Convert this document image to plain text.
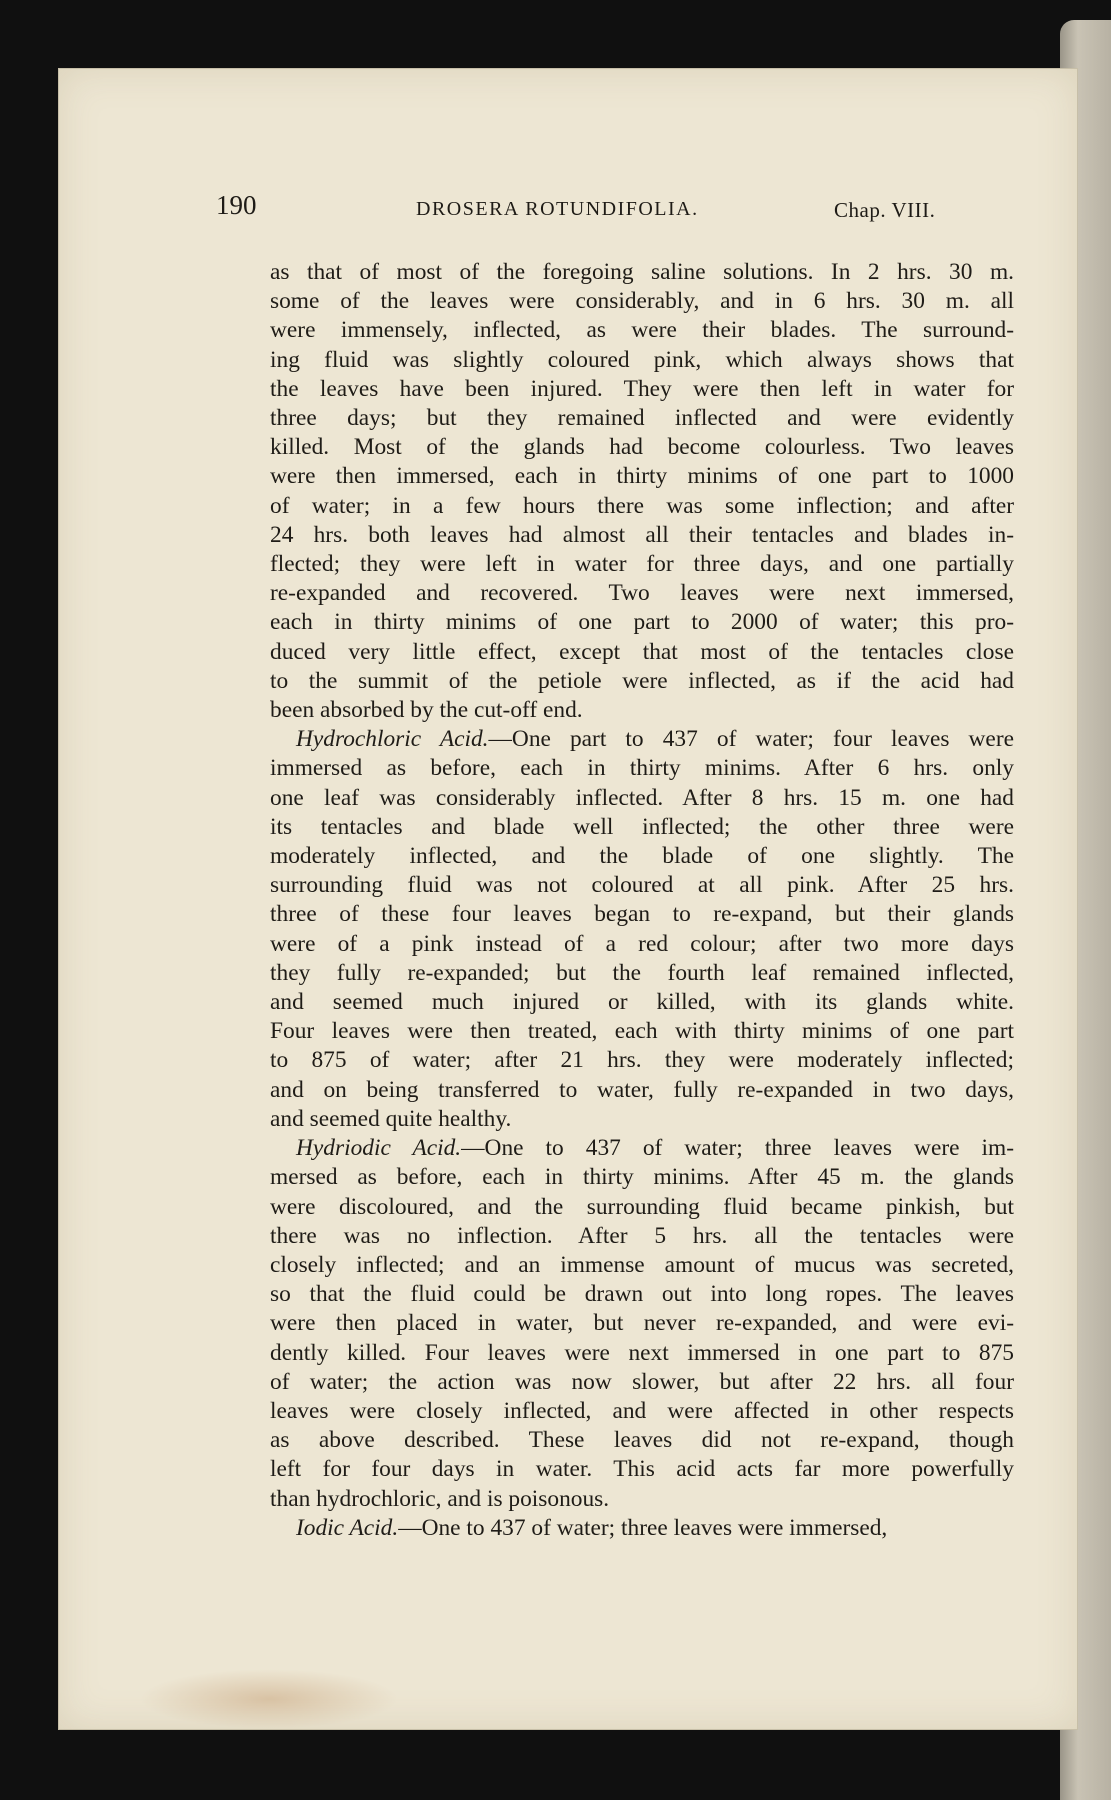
190	DROSERA ROTUNDIFOLIA.	Chap. VIII.

as that of most of the foregoing saline solutions. In 2 hrs. 30 m.
some of the leaves were considerably, and in 6 hrs. 30 m. all
were immensely, inflected, as were their blades. The surround-
ing fluid was slightly coloured pink, which always shows that
the leaves have been injured. They were then left in water for
three days; but they remained inflected and were evidently
killed. Most of the glands had become colourless. Two leaves
were then immersed, each in thirty minims of one part to 1000
of water; in a few hours there was some inflection; and after
24 hrs. both leaves had almost all their tentacles and blades in-
flected; they were left in water for three days, and one partially
re-expanded and recovered. Two leaves were next immersed,
each in thirty minims of one part to 2000 of water; this pro-
duced very little effect, except that most of the tentacles close
to the summit of the petiole were inflected, as if the acid had
been absorbed by the cut-off end.

Hydrochloric Acid.—One part to 437 of water; four leaves were
immersed as before, each in thirty minims. After 6 hrs. only
one leaf was considerably inflected. After 8 hrs. 15 m. one had
its tentacles and blade well inflected; the other three were
moderately inflected, and the blade of one slightly. The
surrounding fluid was not coloured at all pink. After 25 hrs.
three of these four leaves began to re-expand, but their glands
were of a pink instead of a red colour; after two more days
they fully re-expanded; but the fourth leaf remained inflected,
and seemed much injured or killed, with its glands white.
Four leaves were then treated, each with thirty minims of one part
to 875 of water; after 21 hrs. they were moderately inflected;
and on being transferred to water, fully re-expanded in two days,
and seemed quite healthy.

Hydriodic Acid.—One to 437 of water; three leaves were im-
mersed as before, each in thirty minims. After 45 m. the glands
were discoloured, and the surrounding fluid became pinkish, but
there was no inflection. After 5 hrs. all the tentacles were
closely inflected; and an immense amount of mucus was secreted,
so that the fluid could be drawn out into long ropes. The leaves
were then placed in water, but never re-expanded, and were evi-
dently killed. Four leaves were next immersed in one part to 875
of water; the action was now slower, but after 22 hrs. all four
leaves were closely inflected, and were affected in other respects
as above described. These leaves did not re-expand, though
left for four days in water. This acid acts far more powerfully
than hydrochloric, and is poisonous.

Iodic Acid.—One to 437 of water; three leaves were immersed,
